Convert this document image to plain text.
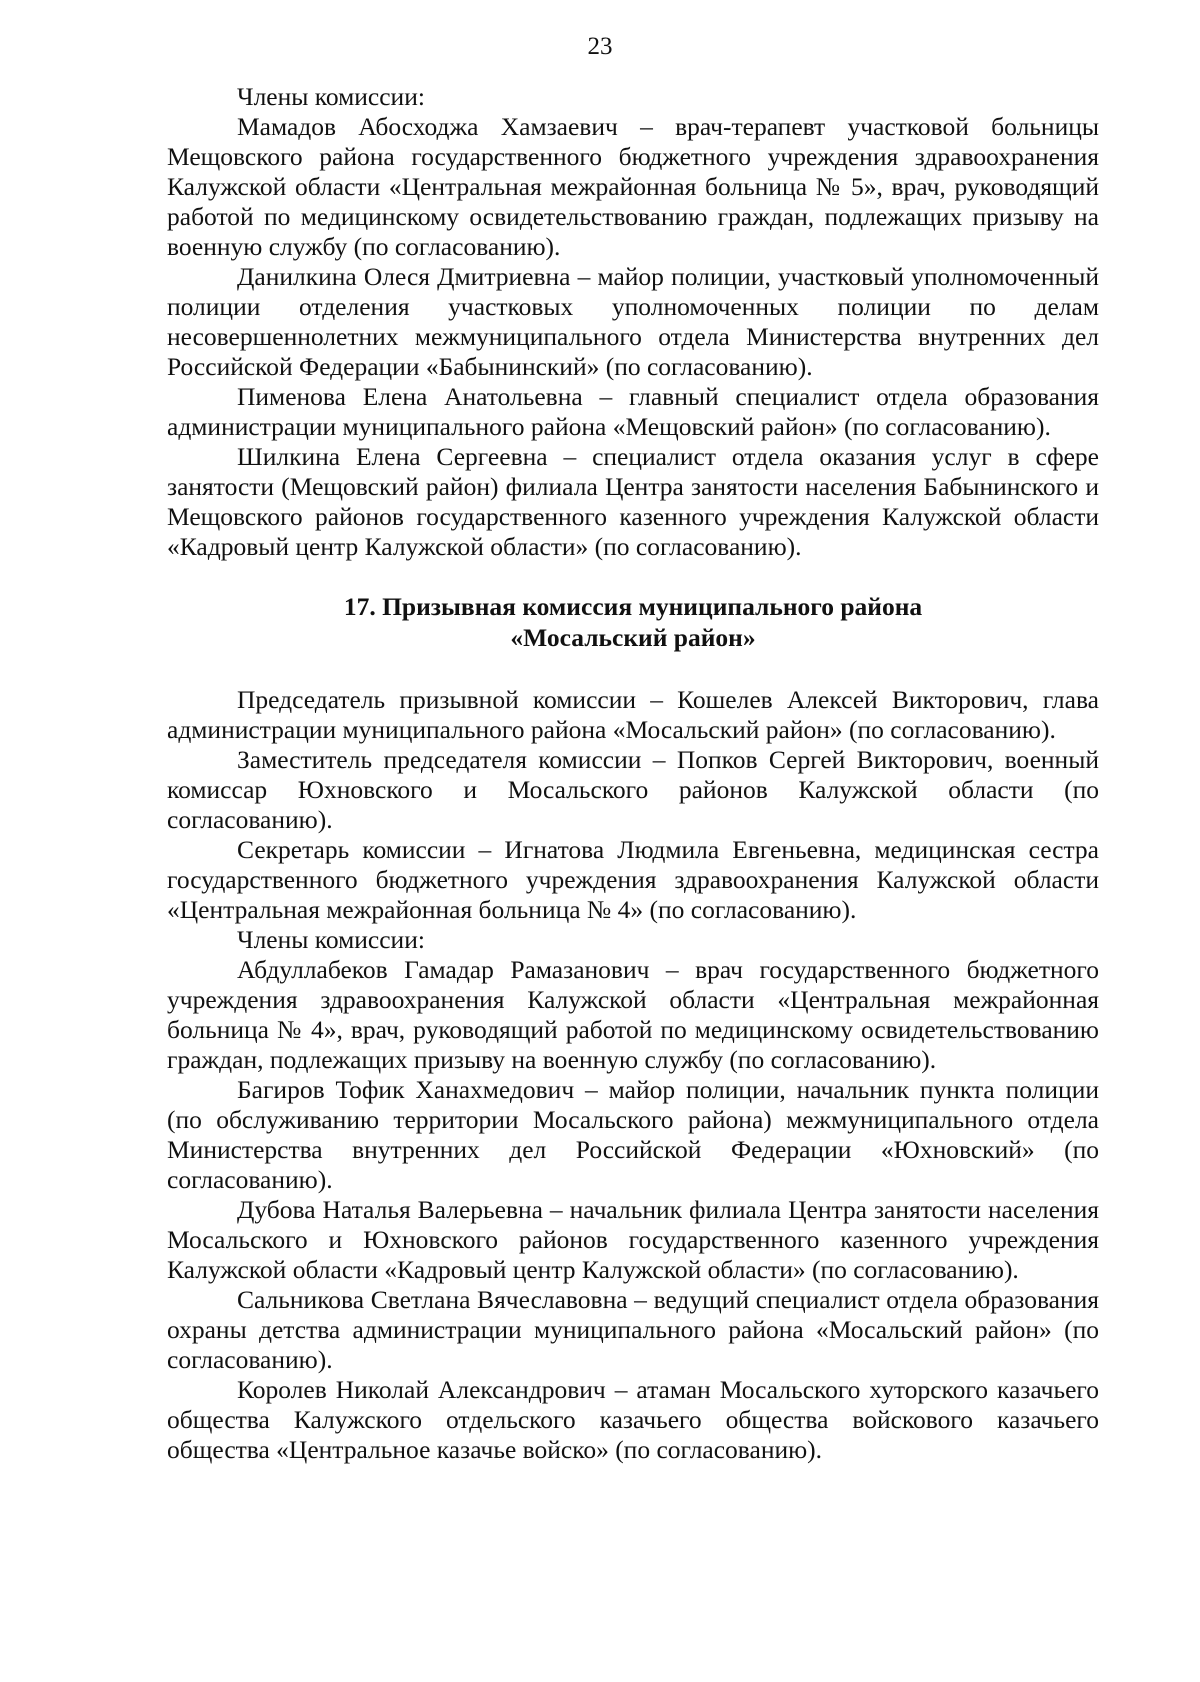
23

Члены комиссии:

Мамадов Абосходжа Хамзаевич – врач-терапевт участковой больницы Мещовского района государственного бюджетного учреждения здравоохранения Калужской области «Центральная межрайонная больница № 5», врач, руководящий работой по медицинскому освидетельствованию граждан, подлежащих призыву на военную службу (по согласованию).

Данилкина Олеся Дмитриевна – майор полиции, участковый уполномоченный полиции отделения участковых уполномоченных полиции по делам несовершеннолетних межмуниципального отдела Министерства внутренних дел Российской Федерации «Бабынинский» (по согласованию).

Пименова Елена Анатольевна – главный специалист отдела образования администрации муниципального района «Мещовский район» (по согласованию).

Шилкина Елена Сергеевна – специалист отдела оказания услуг в сфере занятости (Мещовский район) филиала Центра занятости населения Бабынинского и Мещовского районов государственного казенного учреждения Калужской области «Кадровый центр Калужской области» (по согласованию).

17. Призывная комиссия муниципального района

«Мосальский район»

Председатель призывной комиссии – Кошелев Алексей Викторович, глава администрации муниципального района «Мосальский район» (по согласованию).

Заместитель председателя комиссии – Попков Сергей Викторович, военный комиссар Юхновского и Мосальского районов Калужской области (по согласованию).

Секретарь комиссии – Игнатова Людмила Евгеньевна, медицинская сестра государственного бюджетного учреждения здравоохранения Калужской области «Центральная межрайонная больница № 4» (по согласованию).

Члены комиссии:

Абдуллабеков Гамадар Рамазанович – врач государственного бюджетного учреждения здравоохранения Калужской области «Центральная межрайонная больница № 4», врач, руководящий работой по медицинскому освидетельствованию граждан, подлежащих призыву на военную службу (по согласованию).

Багиров Тофик Ханахмедович – майор полиции, начальник пункта полиции (по обслуживанию территории Мосальского района) межмуниципального отдела Министерства внутренних дел Российской Федерации «Юхновский» (по согласованию).

Дубова Наталья Валерьевна – начальник филиала Центра занятости населения Мосальского и Юхновского районов государственного казенного учреждения Калужской области «Кадровый центр Калужской области» (по согласованию).

Сальникова Светлана Вячеславовна – ведущий специалист отдела образования охраны детства администрации муниципального района «Мосальский район» (по согласованию).

Королев Николай Александрович – атаман Мосальского хуторского казачьего общества Калужского отдельского казачьего общества войскового казачьего общества «Центральное казачье войско» (по согласованию).
